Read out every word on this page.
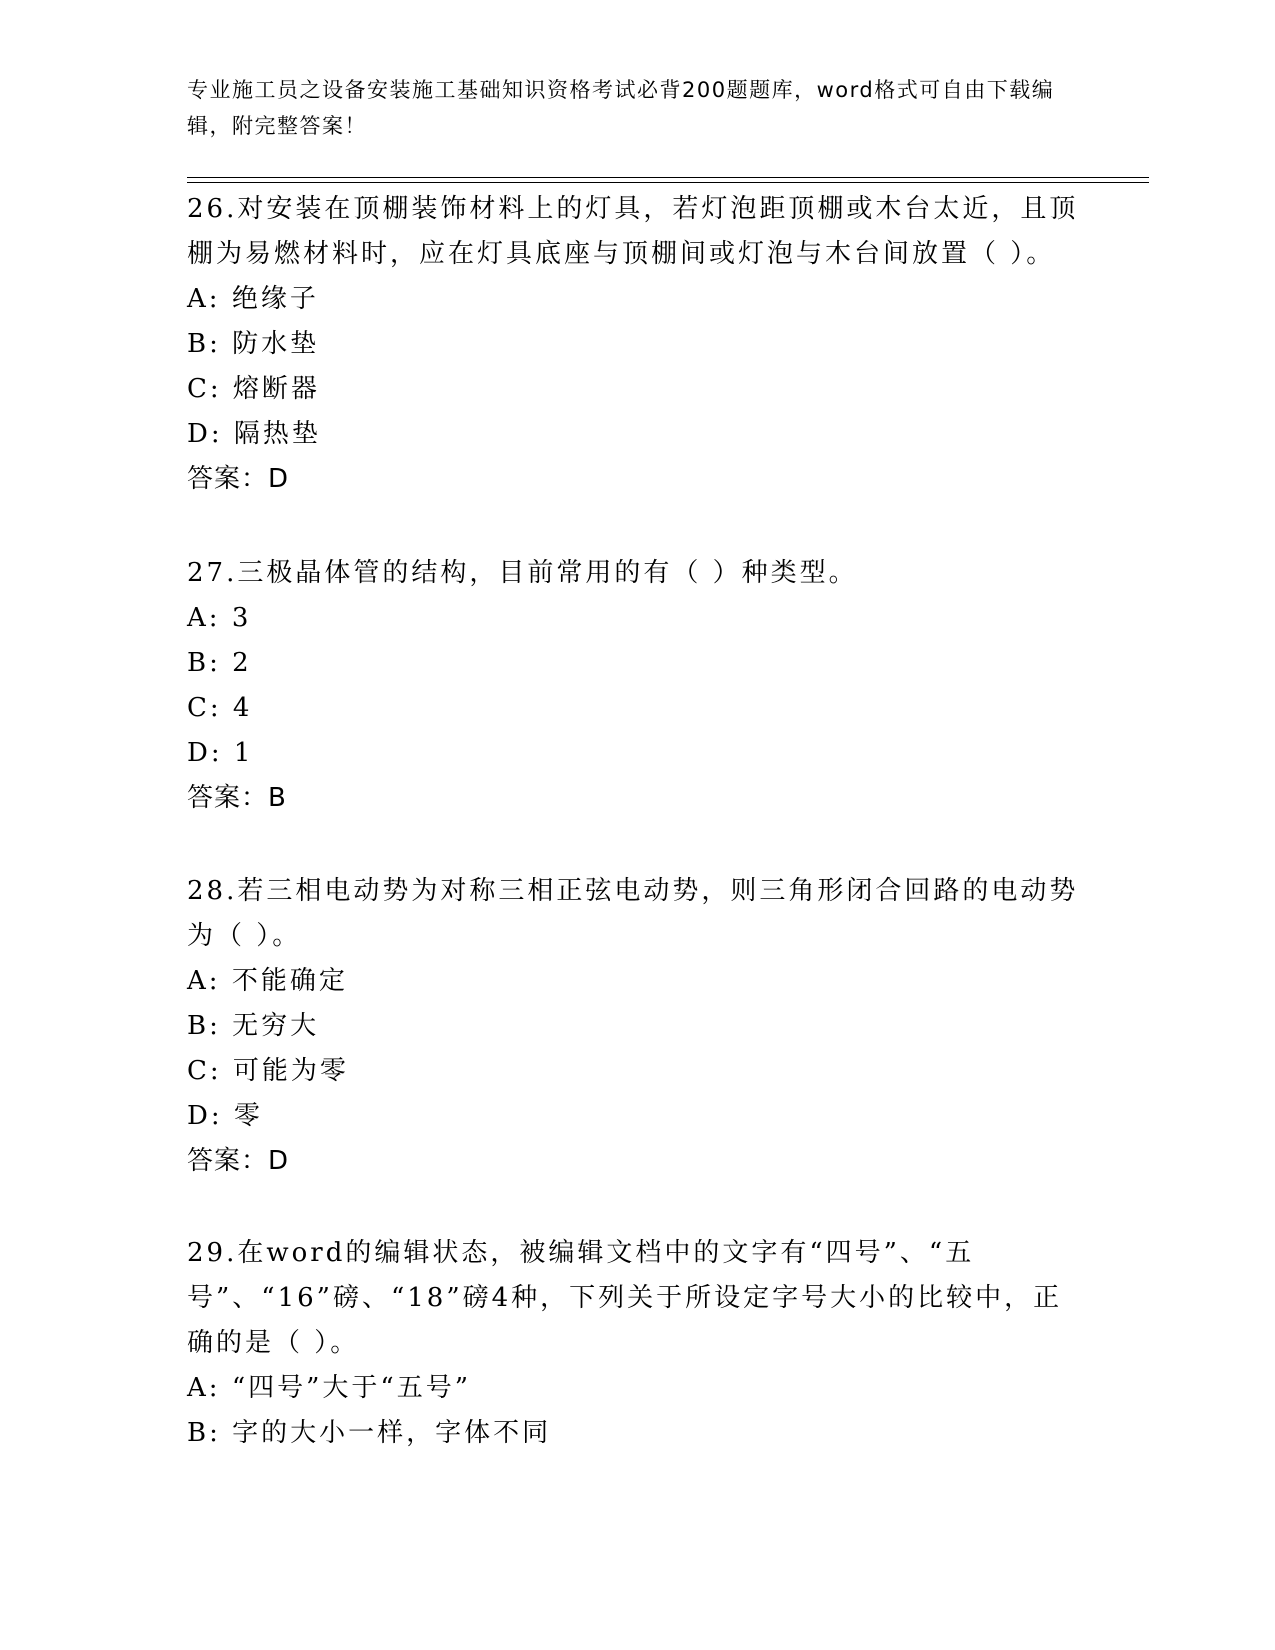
专业施工员之设备安装施工基础知识资格考试必背200题题库，word格式可自由下载编辑，附完整答案！

26.对安装在顶棚装饰材料上的灯具，若灯泡距顶棚或木台太近，且顶棚为易燃材料时，应在灯具底座与顶棚间或灯泡与木台间放置（ ）。

A: 绝缘子

B: 防水垫

C: 熔断器

D: 隔热垫

答案：D

27.三极晶体管的结构，目前常用的有（ ）种类型。

A: 3

B: 2

C: 4

D: 1

答案：B

28.若三相电动势为对称三相正弦电动势，则三角形闭合回路的电动势为（ ）。

A: 不能确定

B: 无穷大

C: 可能为零

D: 零

答案：D

29.在word的编辑状态，被编辑文档中的文字有“四号”、“五号”、“16”磅、“18”磅4种，下列关于所设定字号大小的比较中，正确的是（ ）。

A: “四号”大于“五号”

B: 字的大小一样，字体不同
